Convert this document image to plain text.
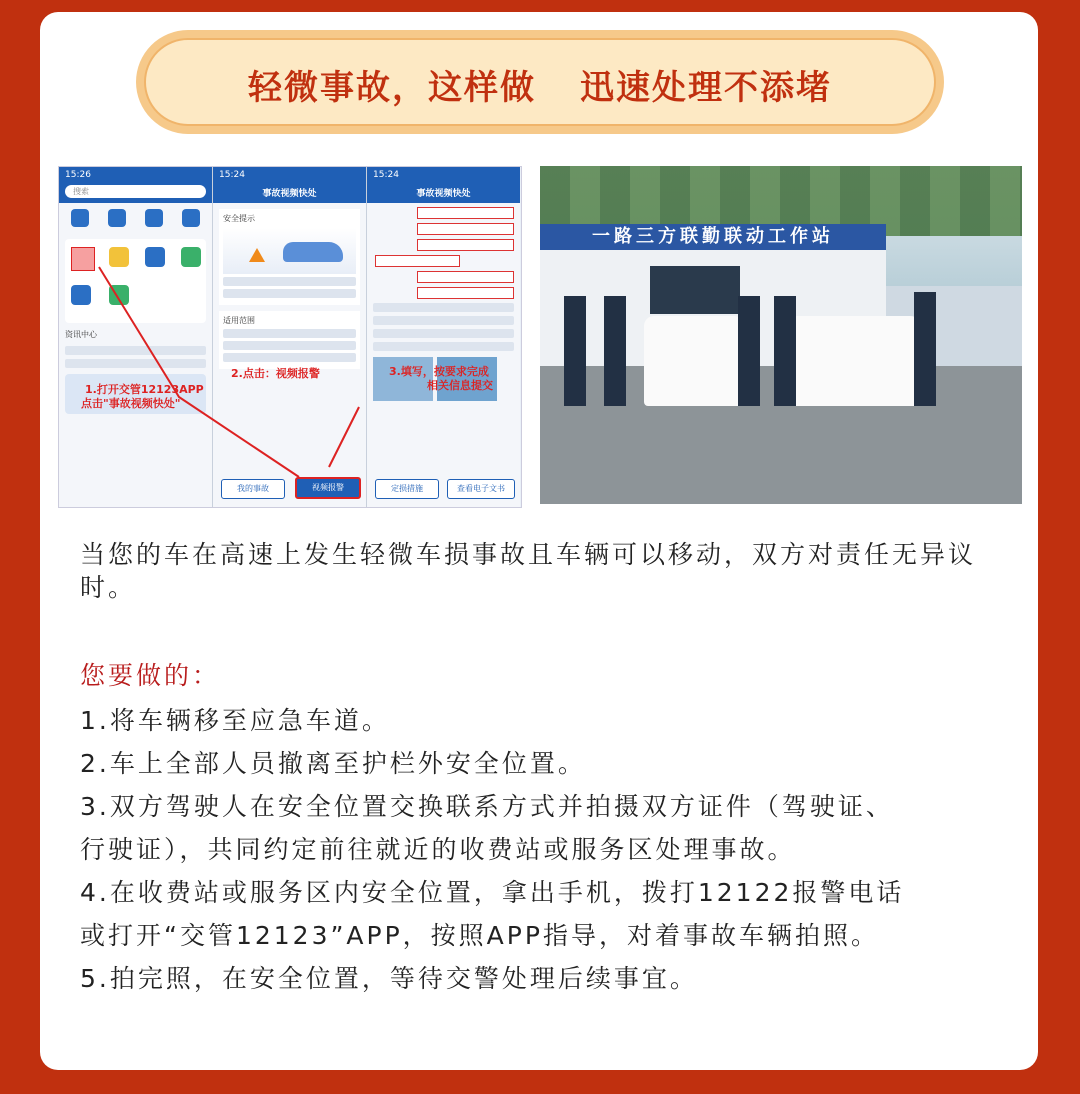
轻微事故，这样做 迅速处理不添堵
15:26
搜索
资讯中心
15:24
事故视频快处
安全提示
适用范围
我的事故	视频报警
15:24
事故视频快处
定损措施	查看电子文书
1.打开交管12123APP
点击"事故视频快处"
2.点击：视频报警	3.填写，按要求完成
相关信息提交
一路三方联勤联动工作站
当您的车在高速上发生轻微车损事故且车辆可以移动，双方对责任无异议时。
您要做的：
1.将车辆移至应急车道。
2.车上全部人员撤离至护栏外安全位置。
3.双方驾驶人在安全位置交换联系方式并拍摄双方证件（驾驶证、
行驶证），共同约定前往就近的收费站或服务区处理事故。
4.在收费站或服务区内安全位置，拿出手机，拨打12122报警电话
或打开“交管12123”APP，按照APP指导，对着事故车辆拍照。
5.拍完照，在安全位置，等待交警处理后续事宜。
